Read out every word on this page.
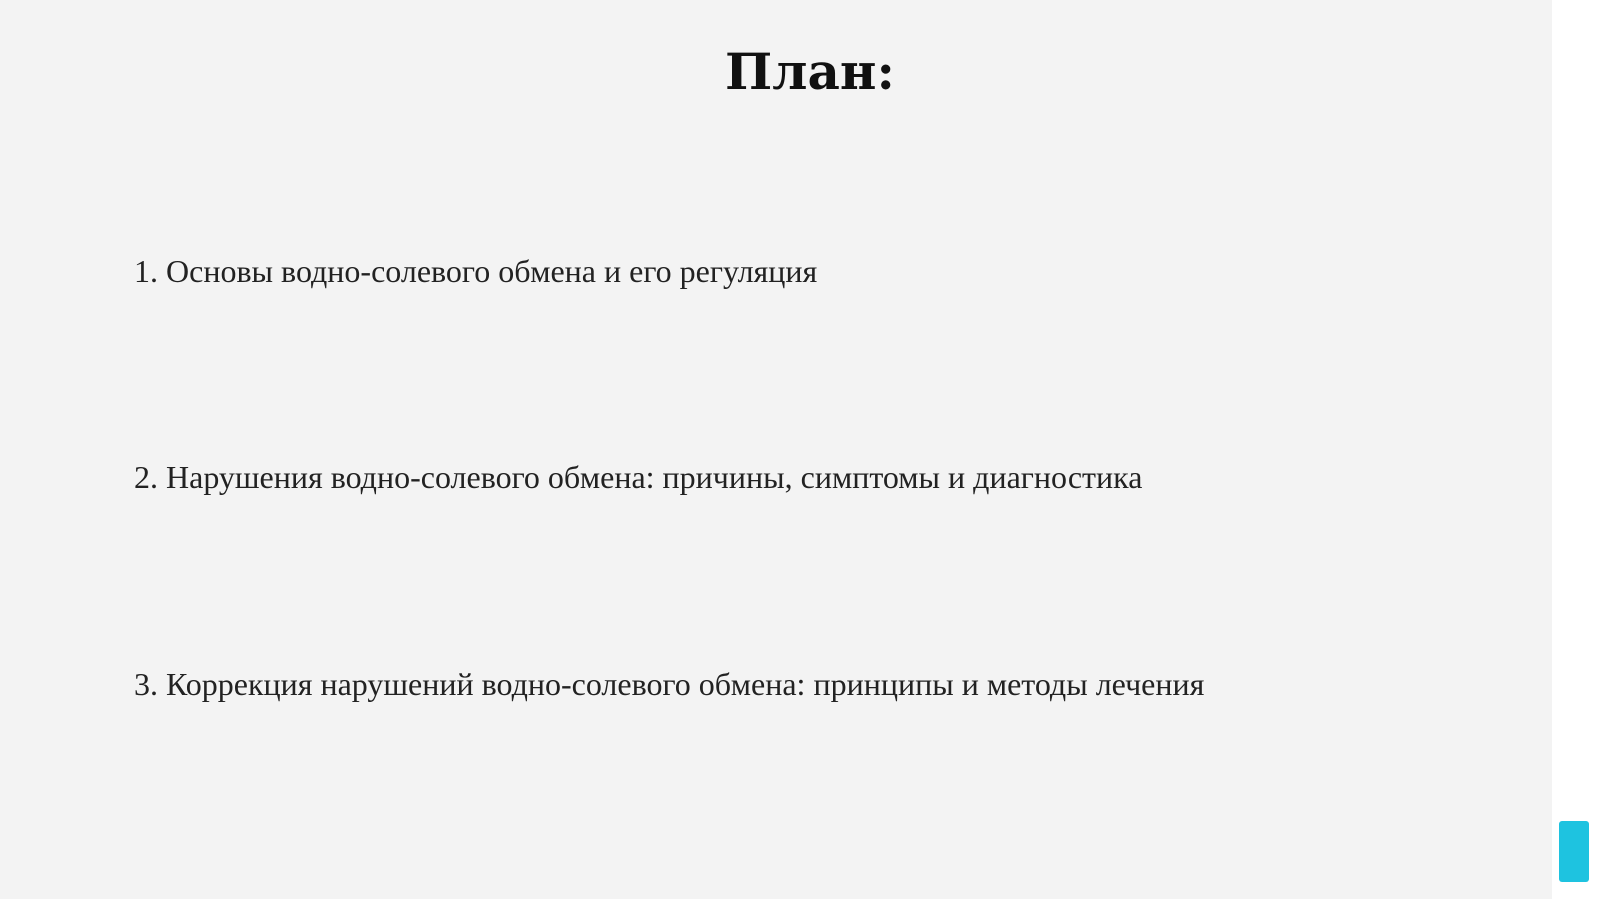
План:
1. Основы водно-солевого обмена и его регуляция
2. Нарушения водно-солевого обмена: причины, симптомы и диагностика
3. Коррекция нарушений водно-солевого обмена: принципы и методы лечения
